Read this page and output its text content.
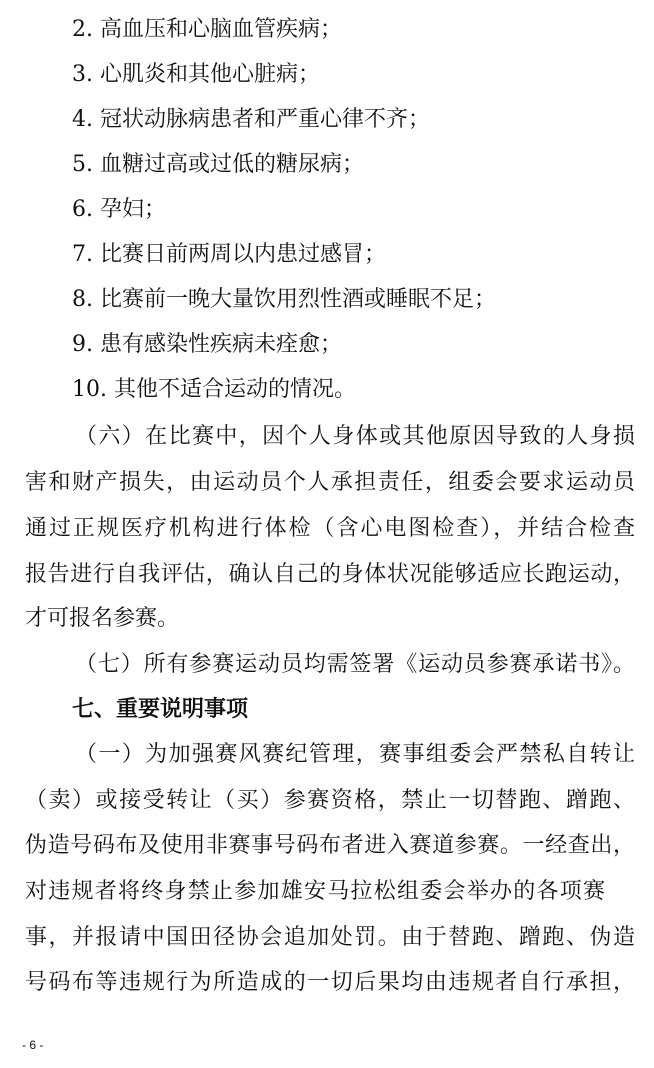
2. 高血压和心脑血管疾病；
3. 心肌炎和其他心脏病；
4. 冠状动脉病患者和严重心律不齐；
5. 血糖过高或过低的糖尿病；
6. 孕妇；
7. 比赛日前两周以内患过感冒；
8. 比赛前一晚大量饮用烈性酒或睡眠不足；
9. 患有感染性疾病未痊愈；
10. 其他不适合运动的情况。
（六）在比赛中，因个人身体或其他原因导致的人身损
害和财产损失，由运动员个人承担责任，组委会要求运动员
通过正规医疗机构进行体检（含心电图检查），并结合检查
报告进行自我评估，确认自己的身体状况能够适应长跑运动，
才可报名参赛。
（七）所有参赛运动员均需签署《运动员参赛承诺书》。
七、重要说明事项
（一）为加强赛风赛纪管理，赛事组委会严禁私自转让
（卖）或接受转让（买）参赛资格，禁止一切替跑、蹭跑、
伪造号码布及使用非赛事号码布者进入赛道参赛。一经查出，
对违规者将终身禁止参加雄安马拉松组委会举办的各项赛
事，并报请中国田径协会追加处罚。由于替跑、蹭跑、伪造
号码布等违规行为所造成的一切后果均由违规者自行承担，
- 6 -
